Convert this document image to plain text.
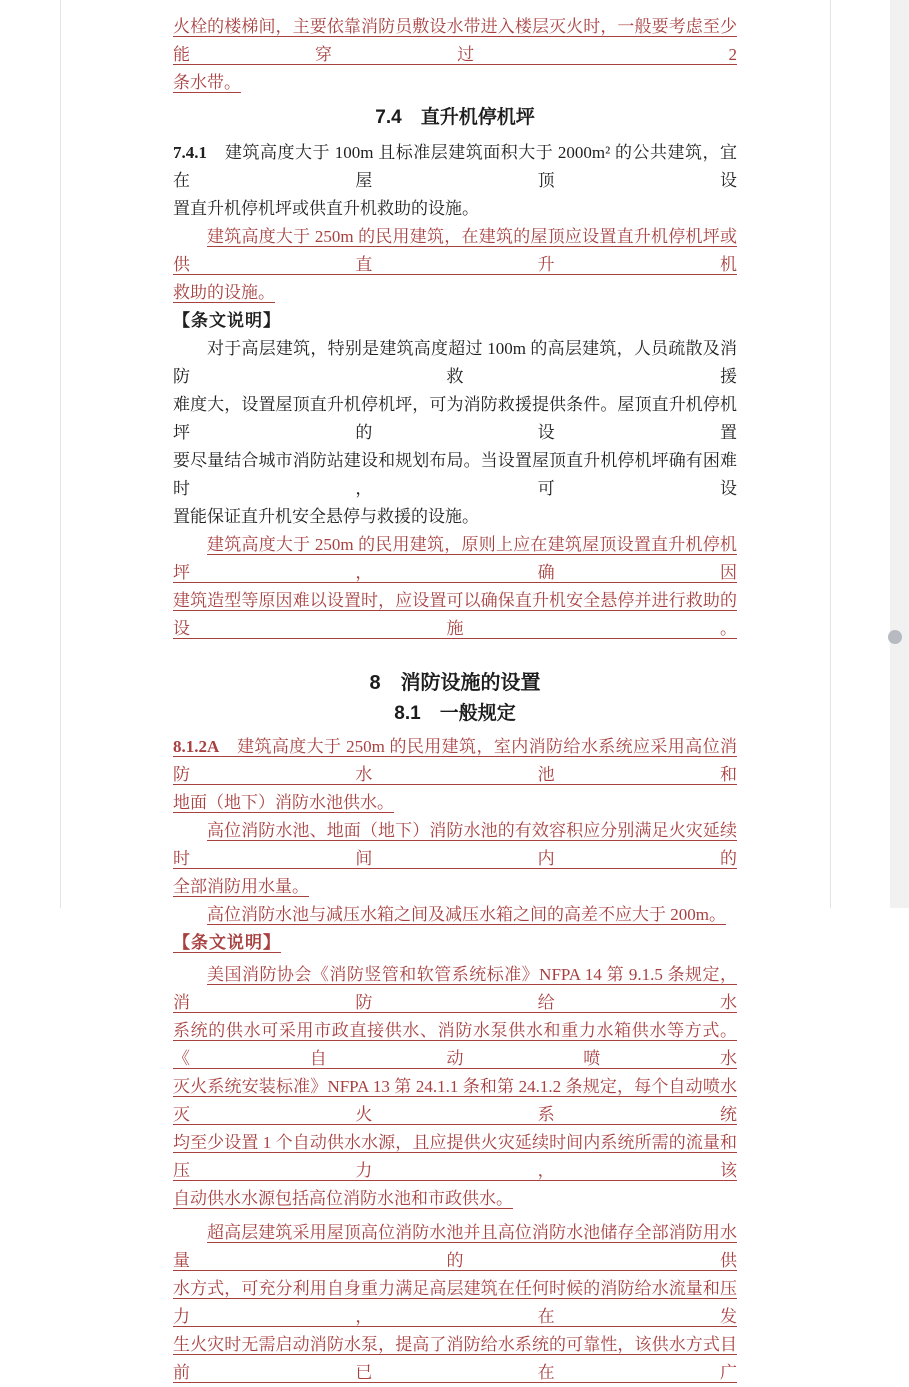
火栓的楼梯间，主要依靠消防员敷设水带进入楼层灭火时，一般要考虑至少能穿过 2
条水带。
7.4　直升机停机坪
7.4.1　建筑高度大于 100m 且标准层建筑面积大于 2000m² 的公共建筑，宜在屋顶设
置直升机停机坪或供直升机救助的设施。
建筑高度大于 250m 的民用建筑，在建筑的屋顶应设置直升机停机坪或供直升机
救助的设施。
【条文说明】
对于高层建筑，特别是建筑高度超过 100m 的高层建筑，人员疏散及消防救援
难度大，设置屋顶直升机停机坪，可为消防救援提供条件。屋顶直升机停机坪的设置
要尽量结合城市消防站建设和规划布局。当设置屋顶直升机停机坪确有困难时，可设
置能保证直升机安全悬停与救援的设施。
建筑高度大于 250m 的民用建筑，原则上应在建筑屋顶设置直升机停机坪，确因
建筑造型等原因难以设置时，应设置可以确保直升机安全悬停并进行救助的设施。
8　消防设施的设置
8.1　一般规定
8.1.2A　建筑高度大于 250m 的民用建筑，室内消防给水系统应采用高位消防水池和
地面（地下）消防水池供水。
高位消防水池、地面（地下）消防水池的有效容积应分别满足火灾延续时间内的
全部消防用水量。
高位消防水池与减压水箱之间及减压水箱之间的高差不应大于 200m。
【条文说明】
美国消防协会《消防竖管和软管系统标准》NFPA 14 第 9.1.5 条规定，消防给水
系统的供水可采用市政直接供水、消防水泵供水和重力水箱供水等方式。《自动喷水
灭火系统安装标准》NFPA 13 第 24.1.1 条和第 24.1.2 条规定，每个自动喷水灭火系统
均至少设置 1 个自动供水水源，且应提供火灾延续时间内系统所需的流量和压力，该
自动供水水源包括高位消防水池和市政供水。
超高层建筑采用屋顶高位消防水池并且高位消防水池储存全部消防用水量的供
水方式，可充分利用自身重力满足高层建筑在任何时候的消防给水流量和压力，在发
生火灾时无需启动消防水泵，提高了消防给水系统的可靠性，该供水方式目前已在广
